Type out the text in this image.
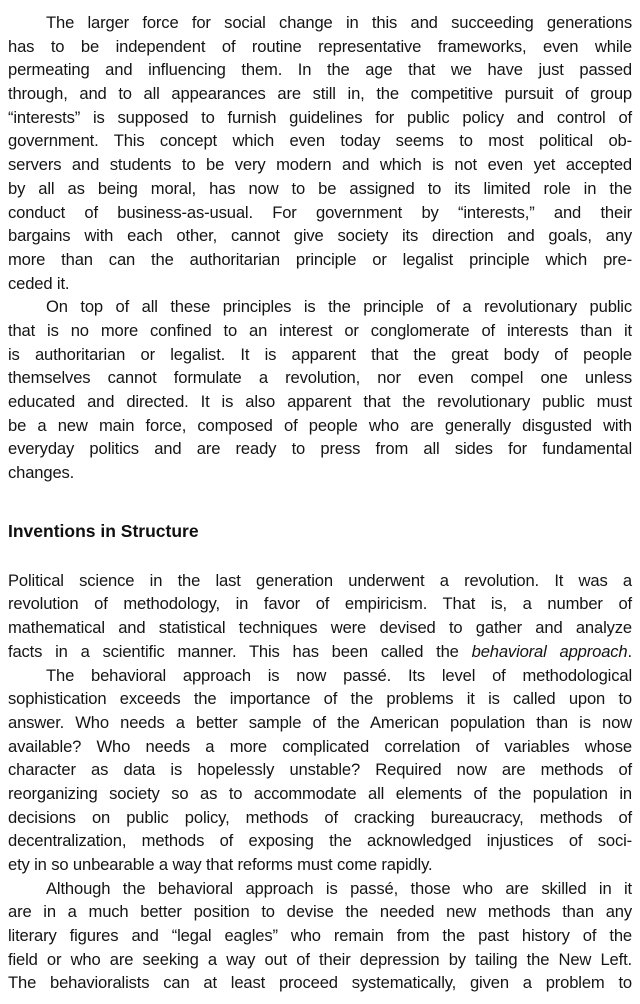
The larger force for social change in this and succeeding generations
has to be independent of routine representative frameworks, even while
permeating and influencing them. In the age that we have just passed
through, and to all appearances are still in, the competitive pursuit of group
“interests” is supposed to furnish guidelines for public policy and control of
government. This concept which even today seems to most political ob-
servers and students to be very modern and which is not even yet accepted
by all as being moral, has now to be assigned to its limited role in the
conduct of business-as-usual. For government by “interests,” and their
bargains with each other, cannot give society its direction and goals, any
more than can the authoritarian principle or legalist principle which pre-
ceded it.
On top of all these principles is the principle of a revolutionary public
that is no more confined to an interest or conglomerate of interests than it
is authoritarian or legalist. It is apparent that the great body of people
themselves cannot formulate a revolution, nor even compel one unless
educated and directed. It is also apparent that the revolutionary public must
be a new main force, composed of people who are generally disgusted with
everyday politics and are ready to press from all sides for fundamental
changes.
Inventions in Structure
Political science in the last generation underwent a revolution. It was a
revolution of methodology, in favor of empiricism. That is, a number of
mathematical and statistical techniques were devised to gather and analyze
facts in a scientific manner. This has been called the behavioral approach.
The behavioral approach is now passé. Its level of methodological
sophistication exceeds the importance of the problems it is called upon to
answer. Who needs a better sample of the American population than is now
available? Who needs a more complicated correlation of variables whose
character as data is hopelessly unstable? Required now are methods of
reorganizing society so as to accommodate all elements of the population in
decisions on public policy, methods of cracking bureaucracy, methods of
decentralization, methods of exposing the acknowledged injustices of soci-
ety in so unbearable a way that reforms must come rapidly.
Although the behavioral approach is passé, those who are skilled in it
are in a much better position to devise the needed new methods than any
literary figures and “legal eagles” who remain from the past history of the
field or who are seeking a way out of their depression by tailing the New Left.
The behavioralists can at least proceed systematically, given a problem to
